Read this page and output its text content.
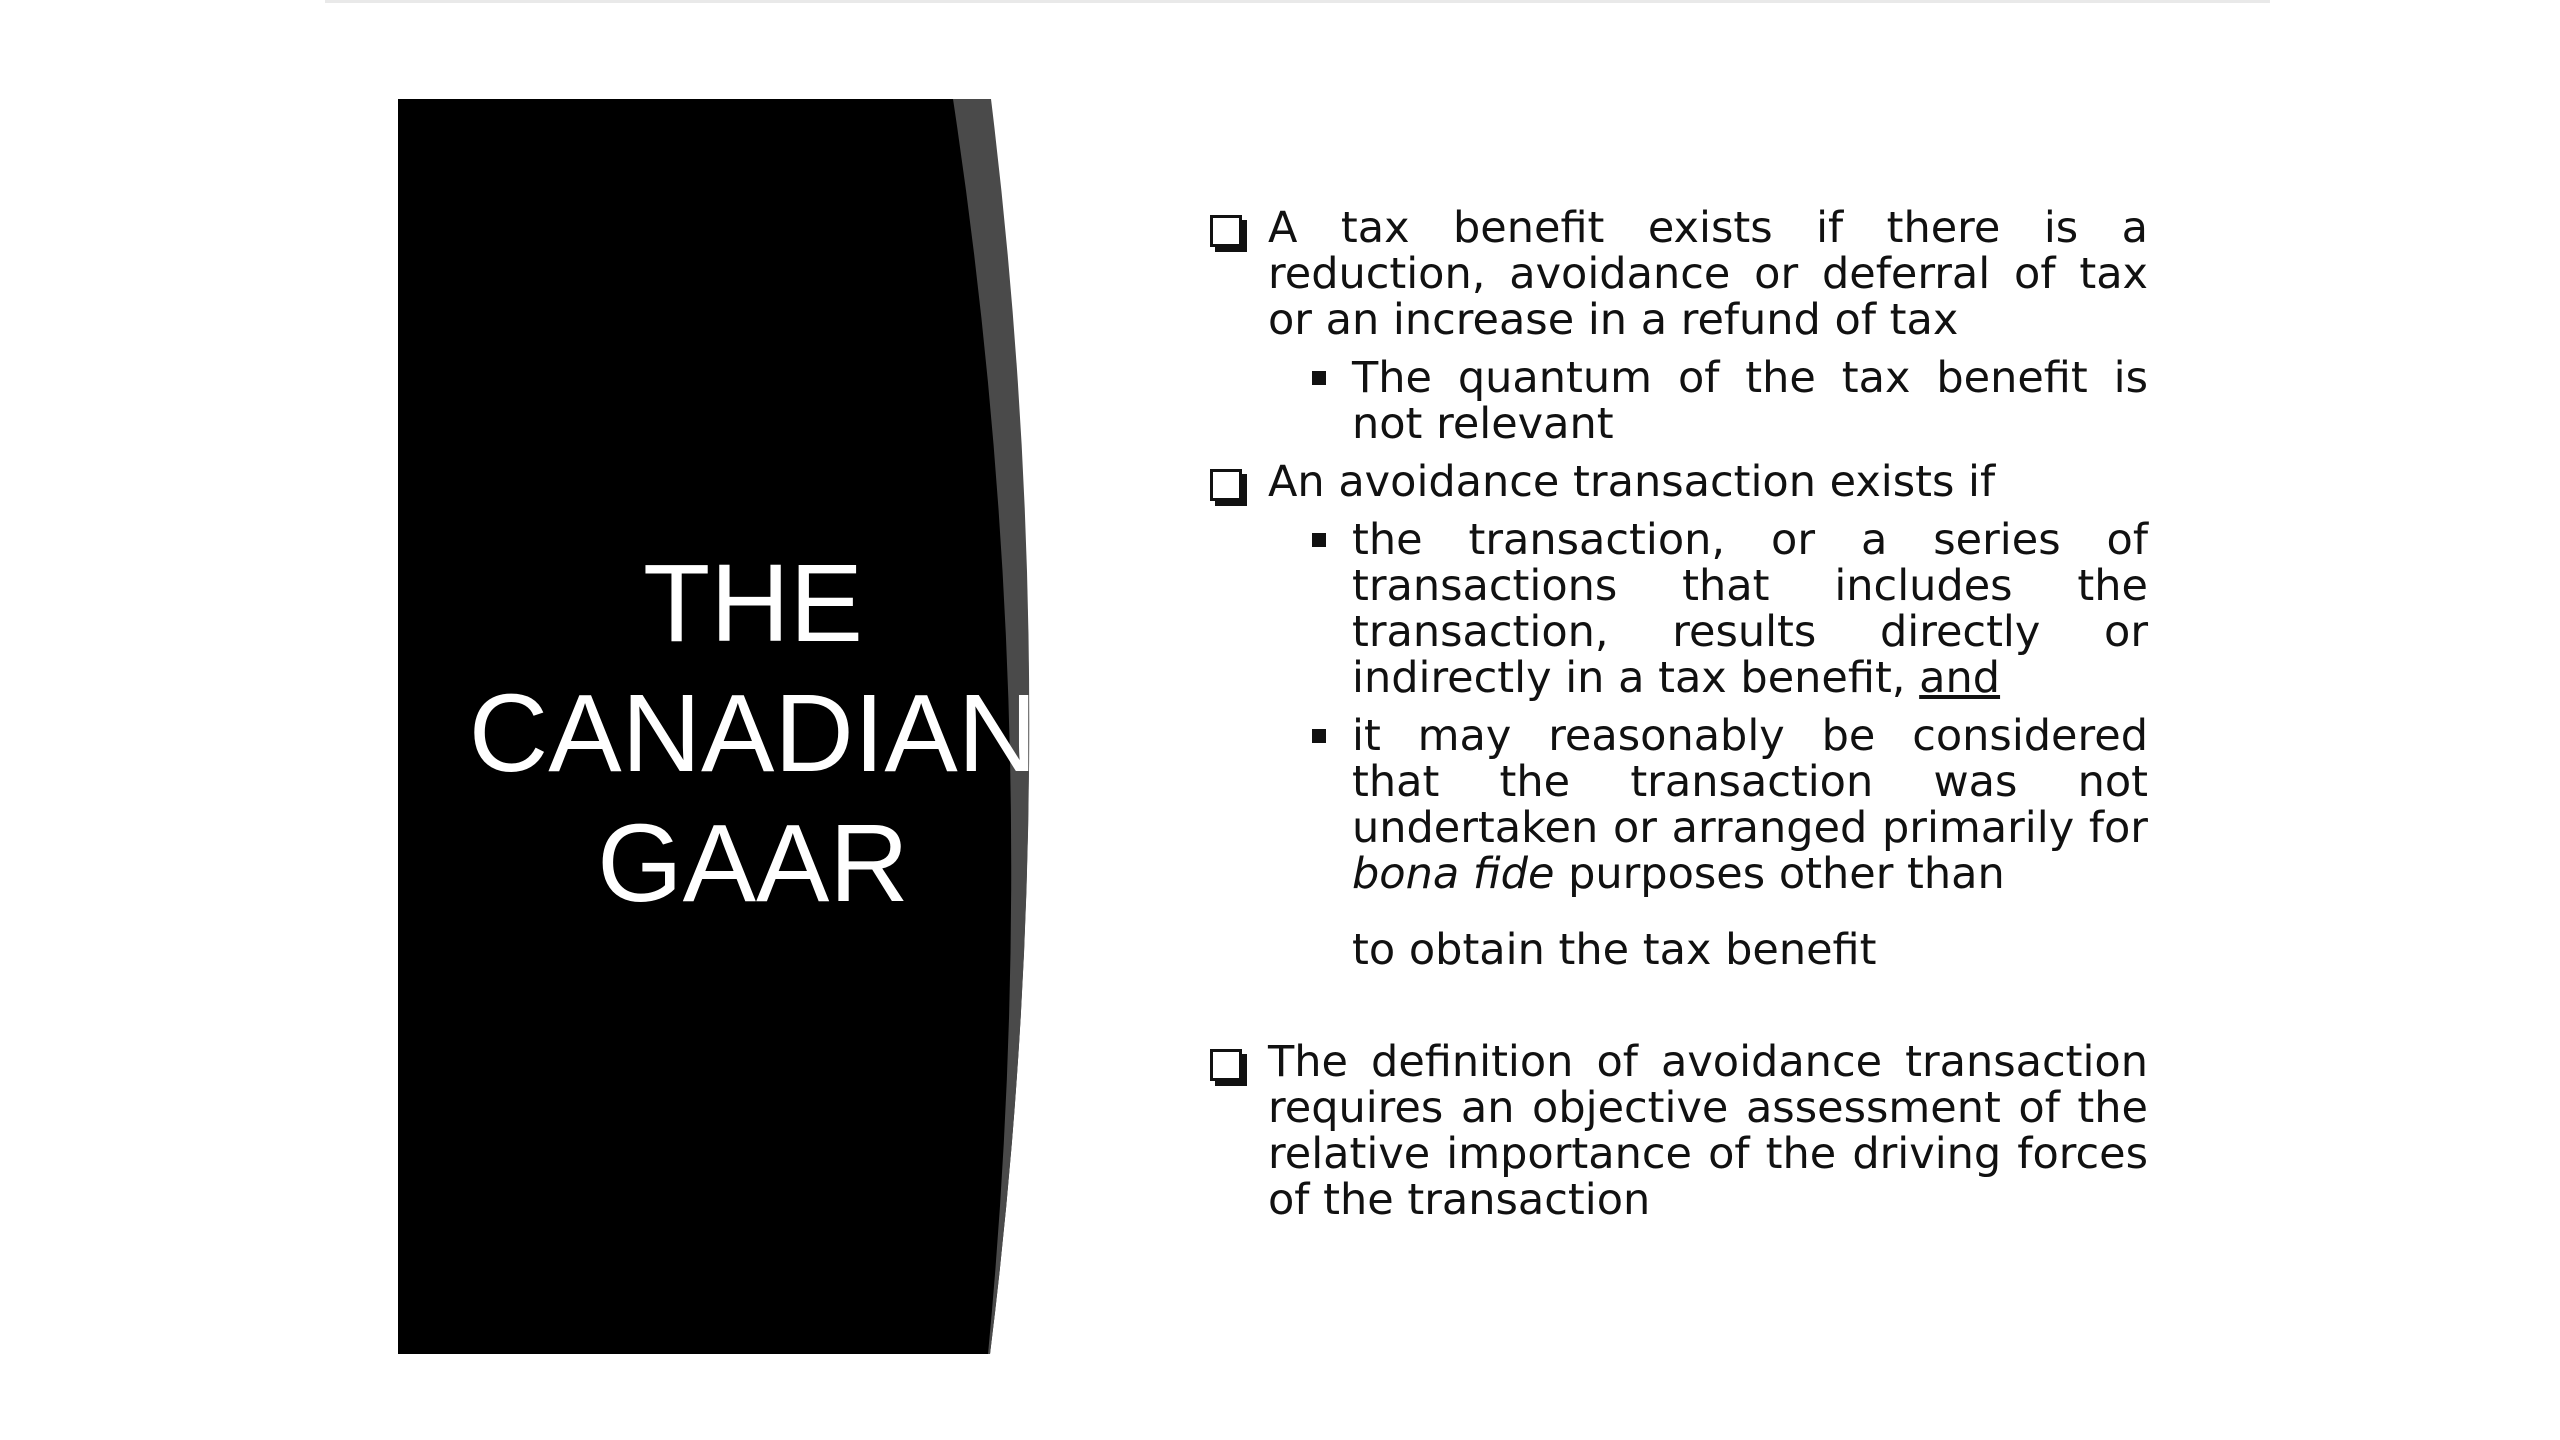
THE
CANADIAN
GAAR
A tax benefit exists if there is a reduction, avoidance or deferral of tax or an increase in a refund of tax
The quantum of the tax benefit is not relevant
An avoidance transaction exists if
the transaction, or a series of transactions that includes the transaction, results directly or indirectly in a tax benefit, and
it may reasonably be considered that the transaction was not undertaken or arranged primarily for bona fide purposes other than
to obtain the tax benefit
The definition of avoidance transaction requires an objective assessment of the relative importance of the driving forces of the transaction
